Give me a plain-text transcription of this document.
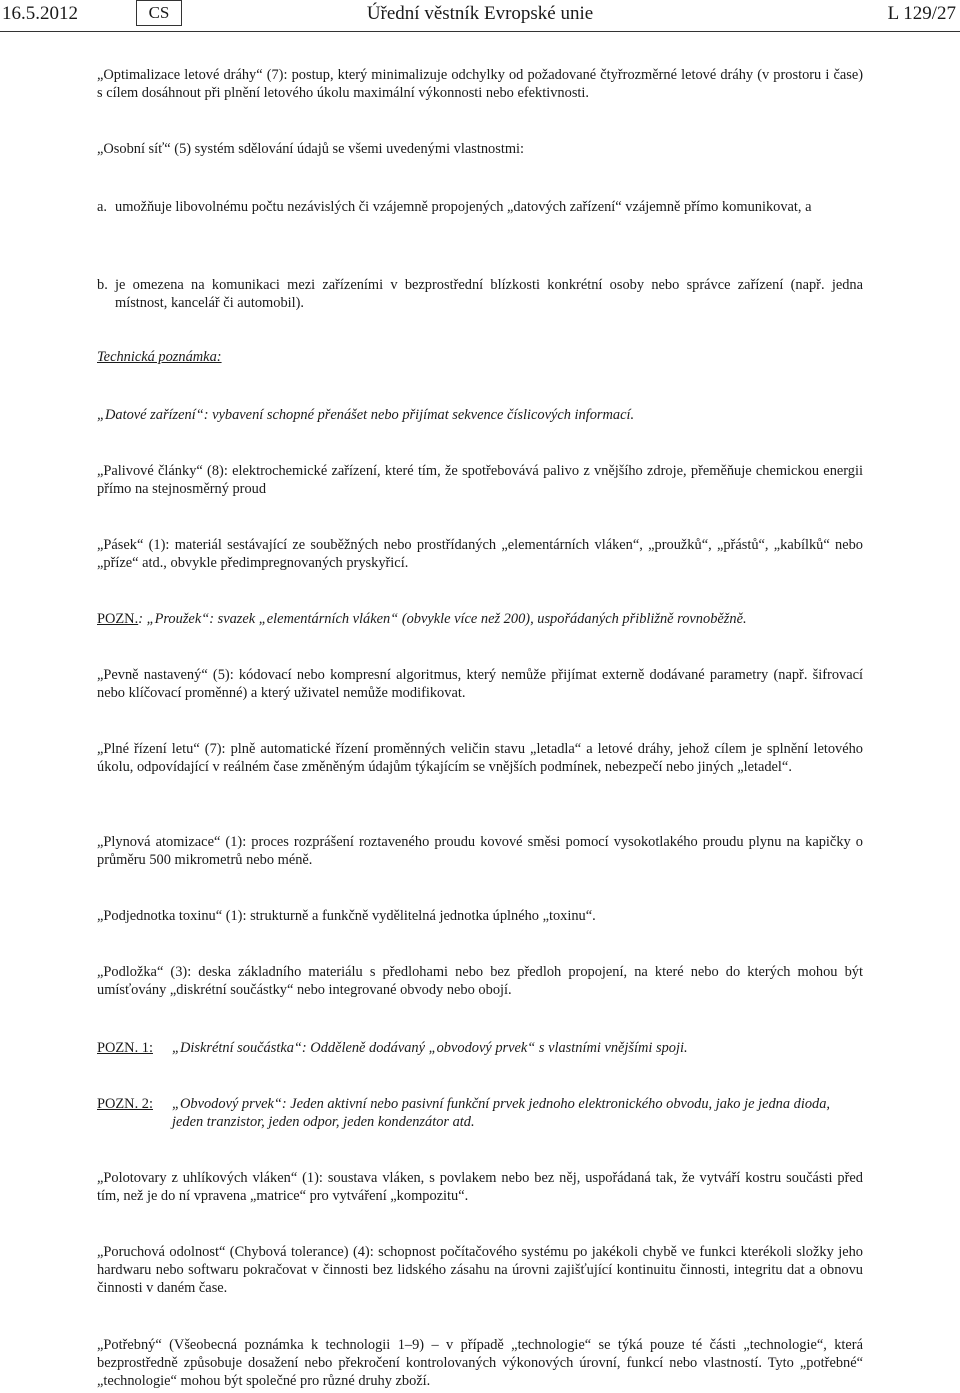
16.5.2012	CS	Úřední věstník Evropské unie	L 129/27

„Optimalizace letové dráhy“ (7): postup, který minimalizuje odchylky od požadované čtyřrozměrné letové dráhy (v prostoru i čase) s cílem dosáhnout při plnění letového úkolu maximální výkonnosti nebo efektivnosti.

„Osobní síť“ (5) systém sdělování údajů se všemi uvedenými vlastnostmi:

a. umožňuje libovolnému počtu nezávislých či vzájemně propojených „datových zařízení“ vzájemně přímo komunikovat, a
b. je omezena na komunikaci mezi zařízeními v bezprostřední blízkosti konkrétní osoby nebo správce zařízení (např. jedna místnost, kancelář či automobil).

Technická poznámka:

„Datové zařízení“: vybavení schopné přenášet nebo přijímat sekvence číslicových informací.

„Palivové články“ (8): elektrochemické zařízení, které tím, že spotřebovává palivo z vnějšího zdroje, přeměňuje chemickou energii přímo na stejnosměrný proud

„Pásek“ (1): materiál sestávající ze souběžných nebo prostřídaných „elementárních vláken“, „proužků“, „přástů“, „kabílků“ nebo „příze“ atd., obvykle předimpregnovaných pryskyřicí.

POZN.: „Proužek“: svazek „elementárních vláken“ (obvykle více než 200), uspořádaných přibližně rovnoběžně.

„Pevně nastavený“ (5): kódovací nebo kompresní algoritmus, který nemůže přijímat externě dodávané parametry (např. šifrovací nebo klíčovací proměnné) a který uživatel nemůže modifikovat.

„Plné řízení letu“ (7): plně automatické řízení proměnných veličin stavu „letadla“ a letové dráhy, jehož cílem je splnění letového úkolu, odpovídající v reálném čase změněným údajům týkajícím se vnějších podmínek, nebezpečí nebo jiných „letadel“.

„Plynová atomizace“ (1): proces rozprášení roztaveného proudu kovové směsi pomocí vysokotlakého proudu plynu na kapičky o průměru 500 mikrometrů nebo méně.

„Podjednotka toxinu“ (1): strukturně a funkčně vydělitelná jednotka úplného „toxinu“.

„Podložka“ (3): deska základního materiálu s předlohami nebo bez předloh propojení, na které nebo do kterých mohou být umísťovány „diskrétní součástky“ nebo integrované obvody nebo obojí.

POZN. 1:	„Diskrétní součástka“: Odděleně dodávaný „obvodový prvek“ s vlastními vnějšími spoji.
POZN. 2:	„Obvodový prvek“: Jeden aktivní nebo pasivní funkční prvek jednoho elektronického obvodu, jako je jedna dioda, jeden tranzistor, jeden odpor, jeden kondenzátor atd.

„Polotovary z uhlíkových vláken“ (1): soustava vláken, s povlakem nebo bez něj, uspořádaná tak, že vytváří kostru součásti před tím, než je do ní vpravena „matrice“ pro vytváření „kompozitu“.

„Poruchová odolnost“ (Chybová tolerance) (4): schopnost počítačového systému po jakékoli chybě ve funkci kterékoli složky jeho hardwaru nebo softwaru pokračovat v činnosti bez lidského zásahu na úrovni zajišťující kontinuitu činnosti, integritu dat a obnovu činnosti v daném čase.

„Potřebný“ (Všeobecná poznámka k technologii 1–9) – v případě „technologie“ se týká pouze té části „technologie“, která bezprostředně způsobuje dosažení nebo překročení kontrolovaných výkonových úrovní, funkcí nebo vlastností. Tyto „potřebné“ „technologie“ mohou být společné pro různé druhy zboží.
